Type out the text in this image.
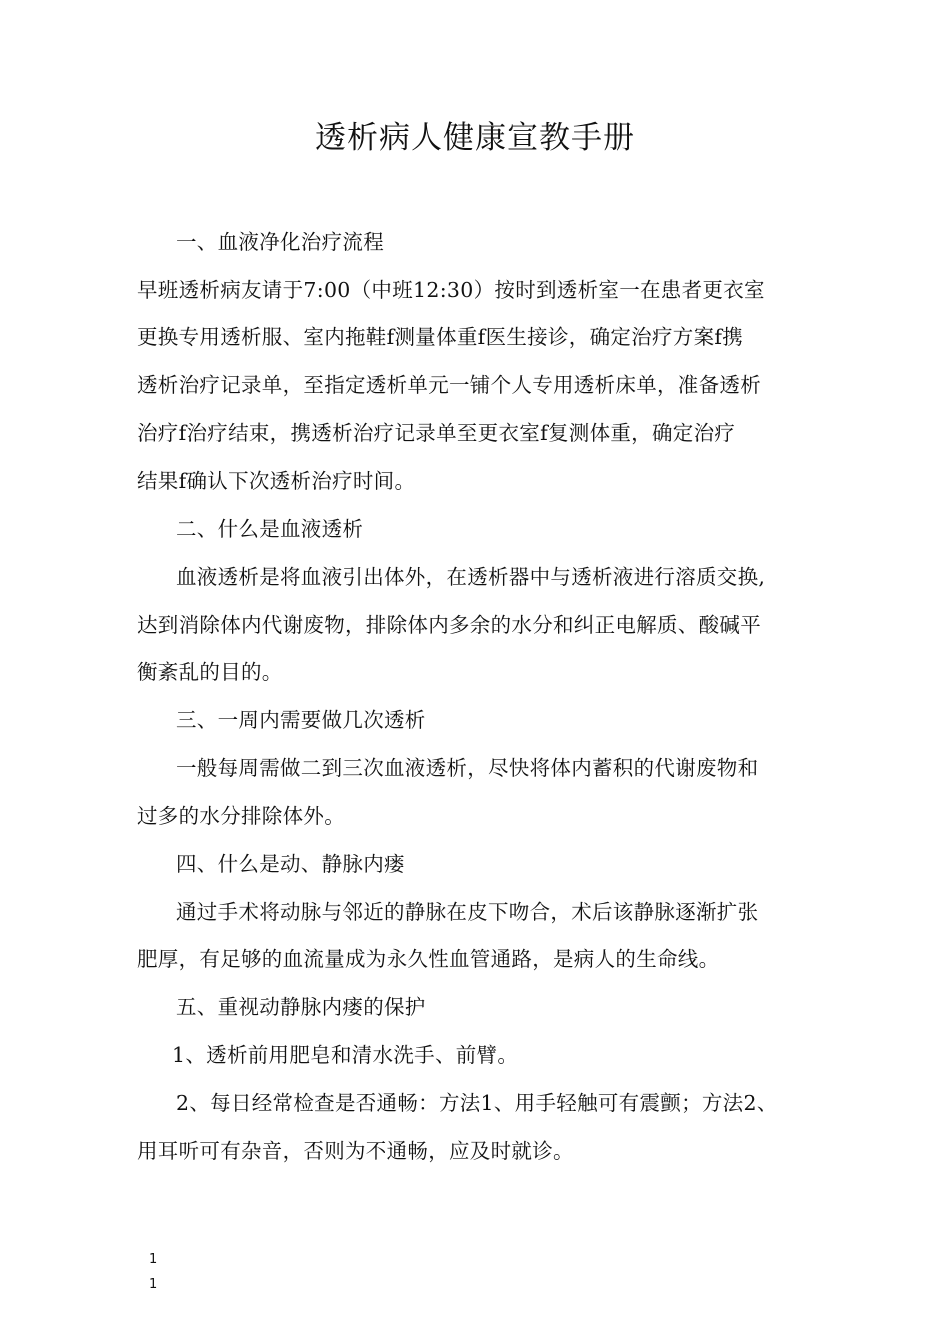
透析病人健康宣教手册
一、血液净化治疗流程
早班透析病友请于7:00（中班12:30）按时到透析室一在患者更衣室
更换专用透析服、室内拖鞋f测量体重f医生接诊，确定治疗方案f携
透析治疗记录单，至指定透析单元一铺个人专用透析床单，准备透析
治疗f治疗结束，携透析治疗记录单至更衣室f复测体重，确定治疗
结果f确认下次透析治疗时间。
二、什么是血液透析
血液透析是将血液引出体外，在透析器中与透析液进行溶质交换,
达到消除体内代谢废物，排除体内多余的水分和纠正电解质、酸碱平
衡紊乱的目的。
三、一周内需要做几次透析
一般每周需做二到三次血液透析，尽快将体内蓄积的代谢废物和
过多的水分排除体外。
四、什么是动、静脉内瘘
通过手术将动脉与邻近的静脉在皮下吻合，术后该静脉逐渐扩张
肥厚，有足够的血流量成为永久性血管通路，是病人的生命线。
五、重视动静脉内瘘的保护
1、透析前用肥皂和清水洗手、前臂。
2、每日经常检查是否通畅：方法1、用手轻触可有震颤；方法2、
用耳听可有杂音，否则为不通畅，应及时就诊。
1
1
